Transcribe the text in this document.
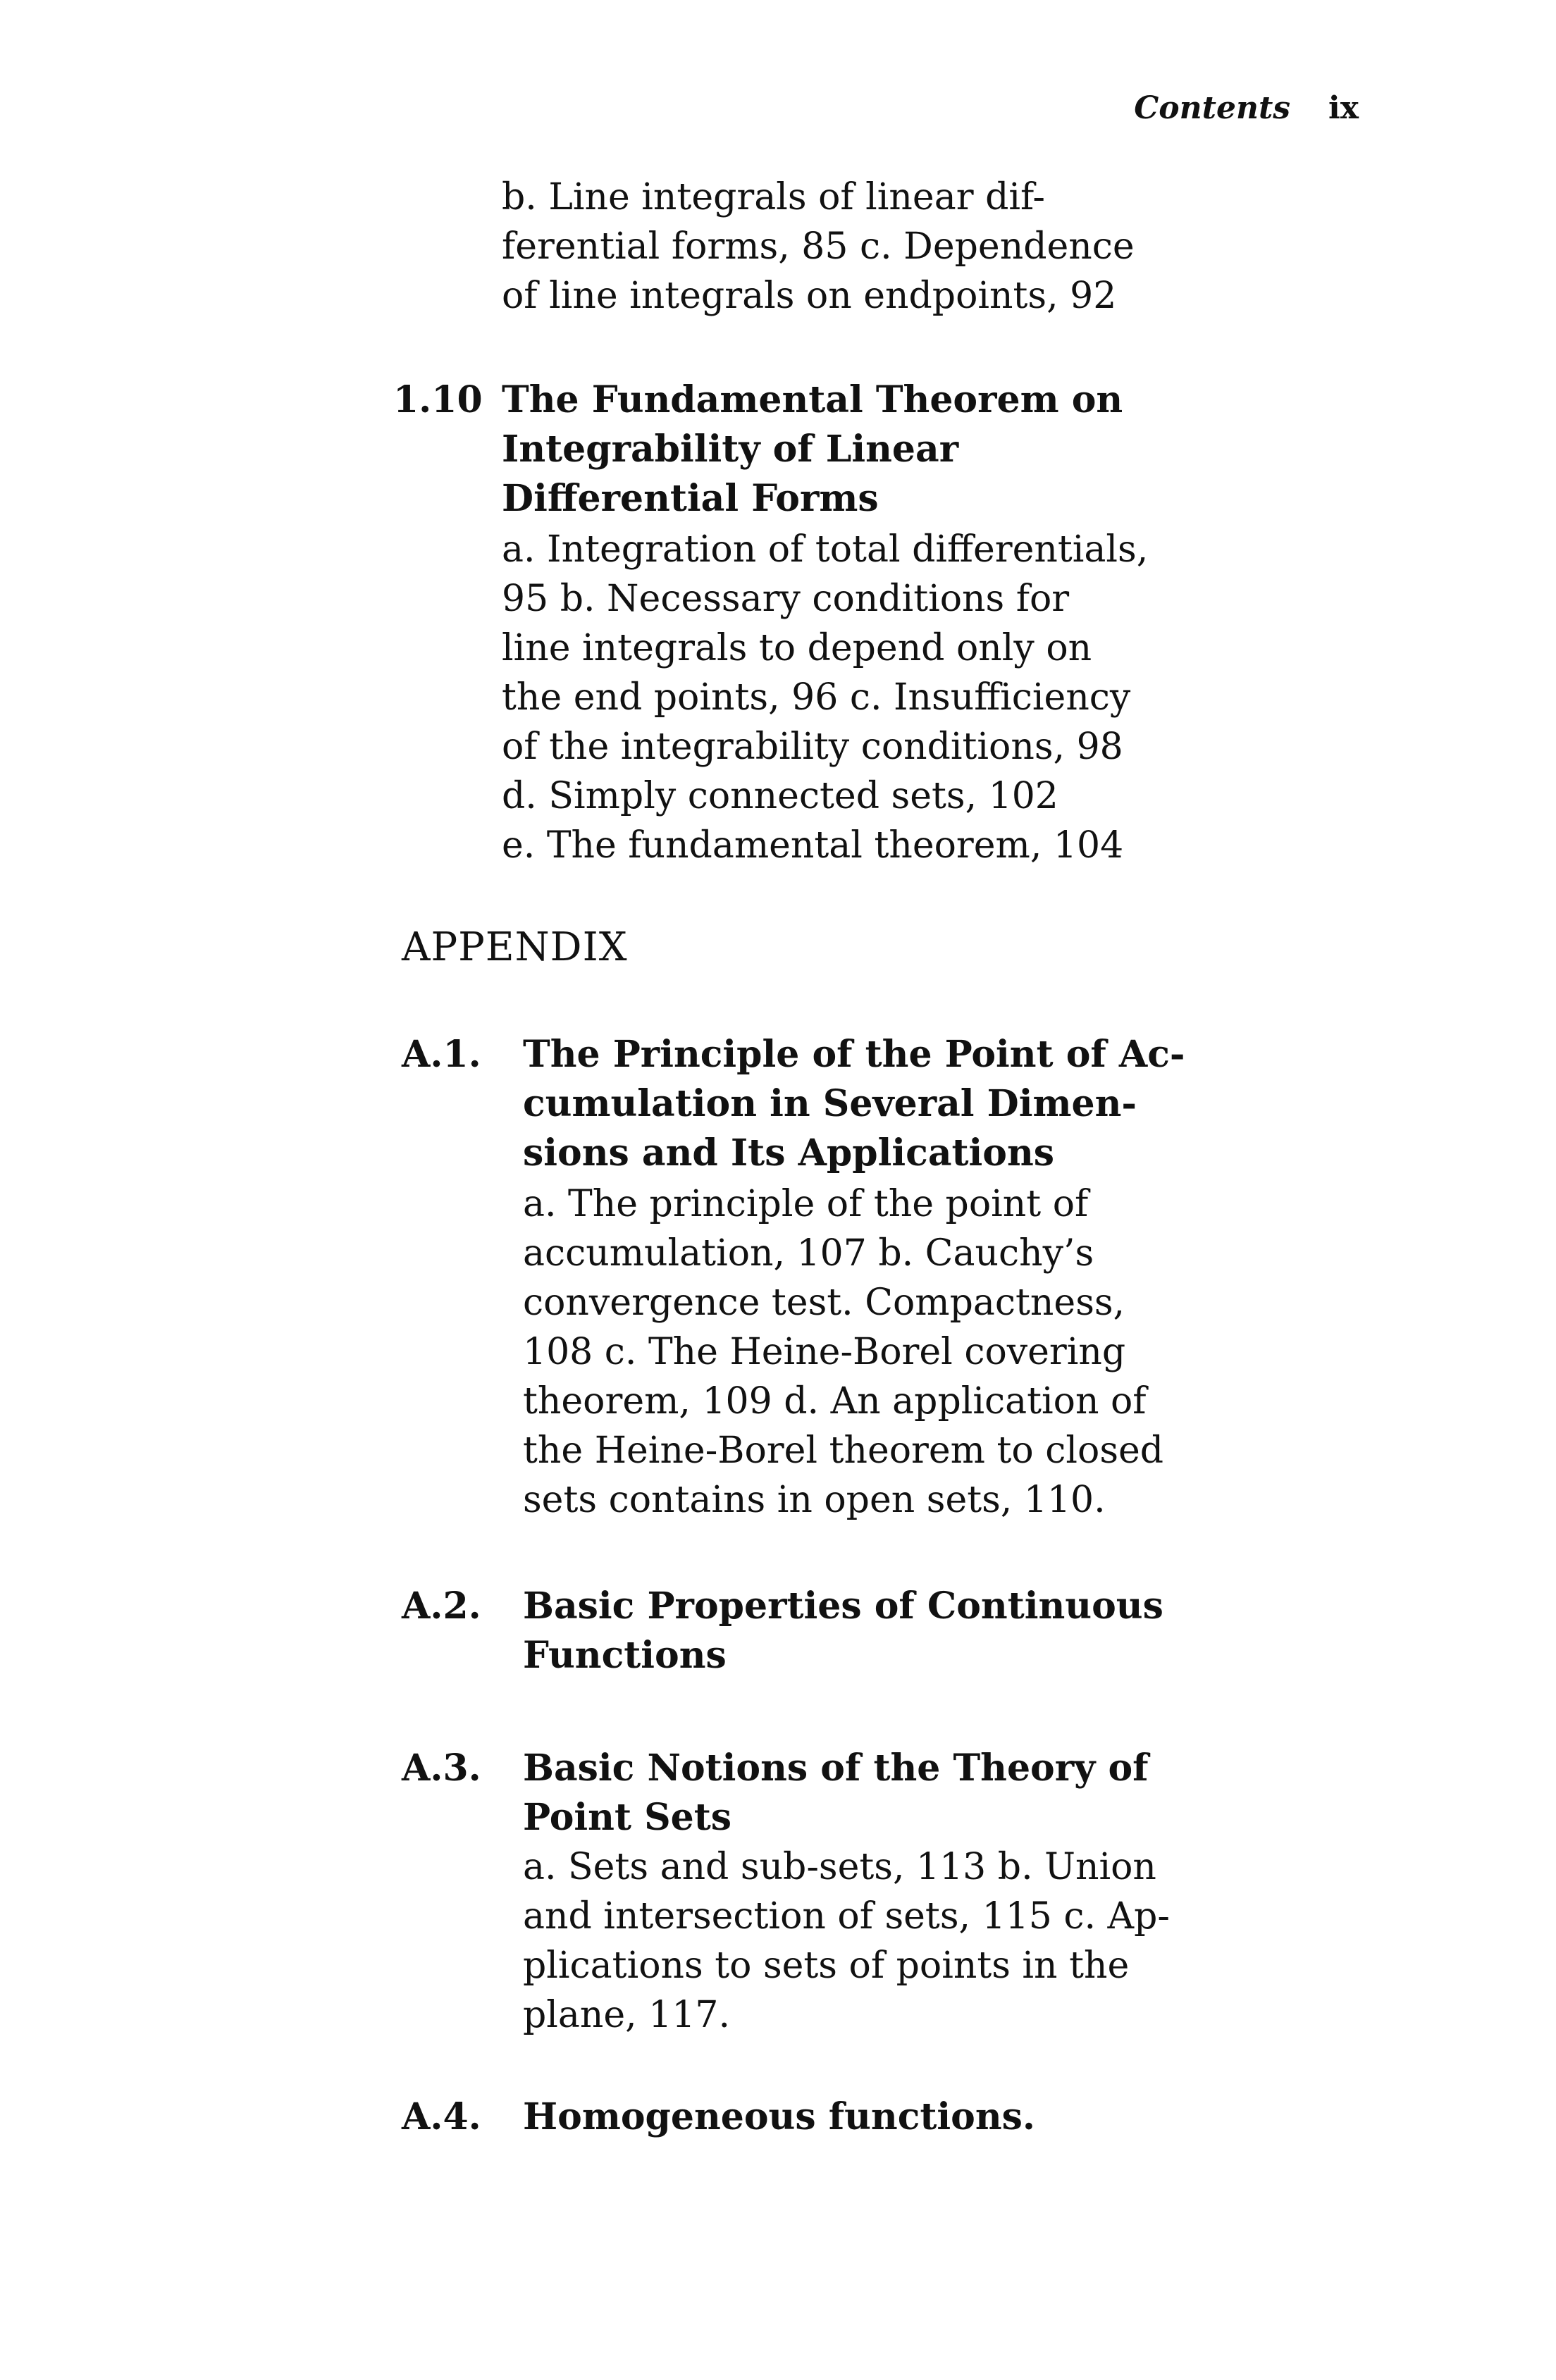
Contents ix
b. Line integrals of linear dif-
ferential forms, 85 c. Dependence
of line integrals on endpoints, 92
1.10 The Fundamental Theorem on
Integrability of Linear
Differential Forms
a. Integration of total differentials,
95 b. Necessary conditions for
line integrals to depend only on
the end points, 96 c. Insufficiency
of the integrability conditions, 98
d. Simply connected sets, 102
e. The fundamental theorem, 104
APPENDIX
A.1. The Principle of the Point of Ac-
cumulation in Several Dimen-
sions and Its Applications
a. The principle of the point of
accumulation, 107 b. Cauchy’s
convergence test. Compactness,
108 c. The Heine-Borel covering
theorem, 109 d. An application of
the Heine-Borel theorem to closed
sets contains in open sets, 110.
A.2. Basic Properties of Continuous
Functions
A.3. Basic Notions of the Theory of
Point Sets
a. Sets and sub-sets, 113 b. Union
and intersection of sets, 115 c. Ap-
plications to sets of points in the
plane, 117.
A.4. Homogeneous functions.
